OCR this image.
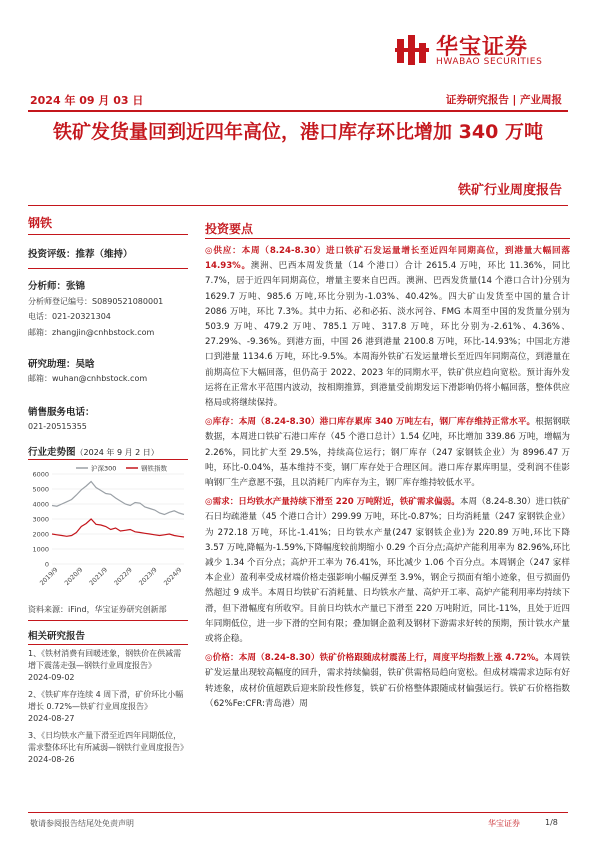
华宝证券
HWABAO SECURITIES
2024 年 09 月 03 日	证券研究报告 | 产业周报
铁矿发货量回到近四年高位，港口库存环比增加 340 万吨
铁矿行业周度报告
钢铁
投资评级：推荐（维持）
分析师：张锦
分析师登记编号：S0890521080001
电话：021-20321304
邮箱：zhangjin@cnhbstock.com
研究助理：吴晗
邮箱：wuhan@cnhbstock.com
销售服务电话：
021-20515355
行业走势图（2024 年 9 月 2 日）
0
1000
2000
3000
4000
5000
6000
2019/9 2020/9 2021/9 2022/9 2023/9 2024/9
沪深300	钢铁指数
资料来源：iFind，华宝证券研究创新部
相关研究报告
1、《铁材消费有回暖迹象，钢铁价在供减需增下震荡走强—钢铁行业周度报告》
2024-09-02
2、《铁矿库存连续 4 周下滑，矿价环比小幅增长 0.72%—铁矿行业周度报告》
2024-08-27
3、《日均铁水产量下滑至近四年同期低位，需求整体环比有所减弱—钢铁行业周度报告》
2024-08-26
投资要点
◎供应：本周（8.24-8.30）进口铁矿石发运量增长至近四年同期高位，到港量大幅回落 14.93%。澳洲、巴西本周发货量（14 个港口）合计 2615.4 万吨，环比 11.36%，同比 7.7%，居于近四年同期高位，增量主要来自巴西。澳洲、巴西发货量(14 个港口合计)分别为 1629.7 万吨、985.6 万吨,环比分别为-1.03%、40.42%。四大矿山发货至中国的量合计 2086 万吨，环比 7.3%。其中力拓、必和必拓、淡水河谷、FMG 本周至中国的发货量分别为 503.9 万吨、479.2 万吨、785.1 万吨、317.8 万吨，环比分别为-2.61%、4.36%、27.29%、-9.36%。到港方面，中国 26 港到港量 2100.8 万吨，环比-14.93%；中国北方港口到港量 1134.6 万吨，环比-9.5%。本周海外铁矿石发运量增长至近四年同期高位，到港量在前期高位下大幅回落，但仍高于 2022、2023 年的同期水平，铁矿供应趋向宽松。预计海外发运将在正常水平范围内波动，按相期推算，到港量受前期发运下滑影响仍将小幅回落，整体供应格局或将继续保持。
◎库存：本周（8.24-8.30）港口库存累库 340 万吨左右，钢厂库存维持正常水平。根据钢联数据，本周进口铁矿石港口库存（45 个港口总计）1.54 亿吨，环比增加 339.86 万吨，增幅为 2.26%，同比扩大至 29.5%，持续高位运行；钢厂库存（247 家钢铁企业）为 8996.47 万吨，环比-0.04%，基本维持不变，钢厂库存处于合理区间。港口库存累库明显，受利润不佳影响钢厂生产意愿不强，且以消耗厂内库存为主，钢厂库存维持较低水平。
◎需求：日均铁水产量持续下滑至 220 万吨附近，铁矿需求偏弱。本周（8.24-8.30）进口铁矿石日均疏港量（45 个港口合计）299.99 万吨，环比-0.87%；日均消耗量（247 家钢铁企业）为 272.18 万吨，环比-1.41%；日均铁水产量(247 家钢铁企业)为 220.89 万吨,环比下降 3.57 万吨,降幅为-1.59%,下降幅度较前期缩小 0.29 个百分点;高炉产能利用率为 82.96%,环比减少 1.34 个百分点；高炉开工率为 76.41%，环比减少 1.06 个百分点。本周钢企（247 家样本企业）盈利率受成材端价格走强影响小幅反弹至 3.9%，钢企亏损面有缩小迹象，但亏损面仍然超过 9 成半。本周日均铁矿石消耗量、日均铁水产量、高炉开工率、高炉产能利用率均持续下滑，但下滑幅度有所收窄。目前日均铁水产量已下滑至 220 万吨附近，同比-11%，且处于近四年同期低位，进一步下滑的空间有限；叠加钢企盈利及钢材下游需求好转的预期，预计铁水产量或将企稳。
◎价格：本周（8.24-8.30）铁矿价格跟随成材震荡上行，周度平均指数上涨 4.72%。本周铁矿发运量出现较高幅度的回升，需求持续偏弱，铁矿供需格局趋向宽松。但成材端需求边际有好转迹象，成材价值超跌后迎来阶段性修复，铁矿石价格整体跟随成材偏强运行。铁矿石价格指数（62%Fe:CFR:青岛港）周
敬请参阅报告结尾处免责声明	华宝证券	1/8
